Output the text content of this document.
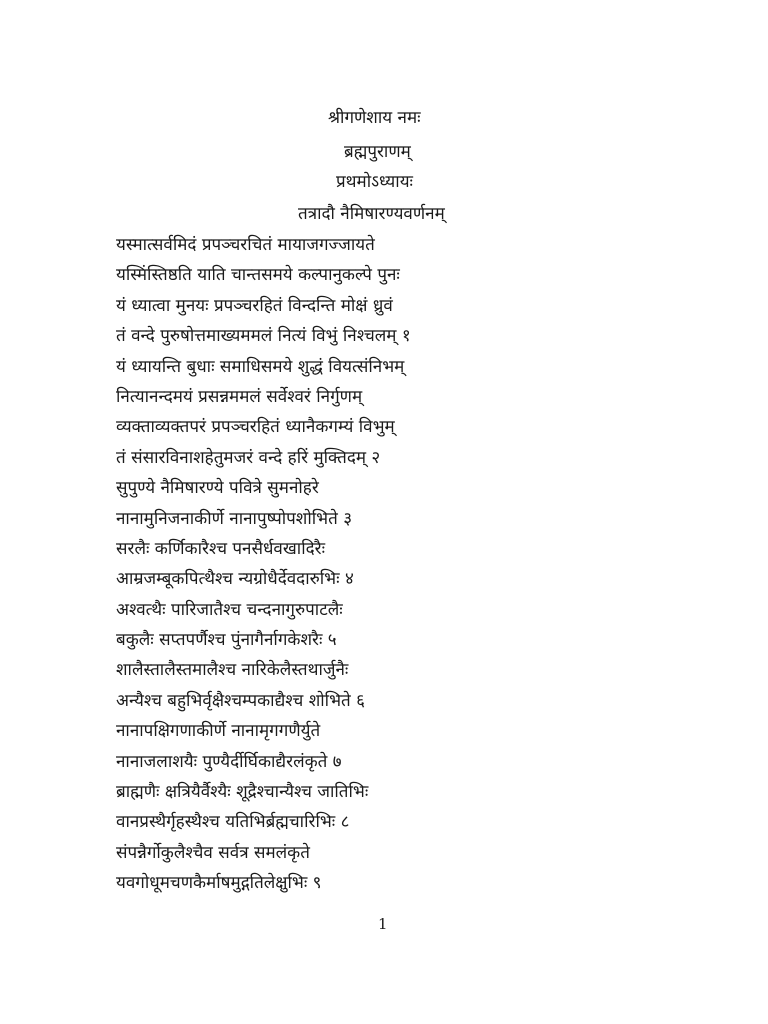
श्रीगणेशाय नमः
ब्रह्मपुराणम्
प्रथमोऽध्यायः
तत्रादौ नैमिषारण्यवर्णनम्
यस्मात्सर्वमिदं प्रपञ्चरचितं मायाजगज्जायते
यस्मिंस्तिष्ठति याति चान्तसमये कल्पानुकल्पे पुनः
यं ध्यात्वा मुनयः प्रपञ्चरहितं विन्दन्ति मोक्षं ध्रुवं
तं वन्दे पुरुषोत्तमाख्यममलं नित्यं विभुं निश्चलम् १
यं ध्यायन्ति बुधाः समाधिसमये शुद्धं वियत्संनिभम्
नित्यानन्दमयं प्रसन्नममलं सर्वेश्वरं निर्गुणम्
व्यक्ताव्यक्तपरं प्रपञ्चरहितं ध्यानैकगम्यं विभुम्
तं संसारविनाशहेतुमजरं वन्दे हरिं मुक्तिदम् २
सुपुण्ये नैमिषारण्ये पवित्रे सुमनोहरे
नानामुनिजनाकीर्णे नानापुष्पोपशोभिते ३
सरलैः कर्णिकारैश्च पनसैर्धवखादिरैः
आम्रजम्बूकपित्थैश्च न्यग्रोधैर्देवदारुभिः ४
अश्वत्थैः पारिजातैश्च चन्दनागुरुपाटलैः
बकुलैः सप्तपर्णैश्च पुंनागैर्नागकेशरैः ५
शालैस्तालैस्तमालैश्च नारिकेलैस्तथार्जुनैः
अन्यैश्च बहुभिर्वृक्षैश्चम्पकाद्यैश्च शोभिते ६
नानापक्षिगणाकीर्णे नानामृगगणैर्युते
नानाजलाशयैः पुण्यैर्दीर्घिकाद्यैरलंकृते ७
ब्राह्मणैः क्षत्रियैर्वैश्यैः शूद्रैश्चान्यैश्च जातिभिः
वानप्रस्थैर्गृहस्थैश्च यतिभिर्ब्रह्मचारिभिः ८
संपन्नैर्गोकुलैश्चैव सर्वत्र समलंकृते
यवगोधूमचणकैर्माषमुद्गतिलेक्षुभिः ९
1
